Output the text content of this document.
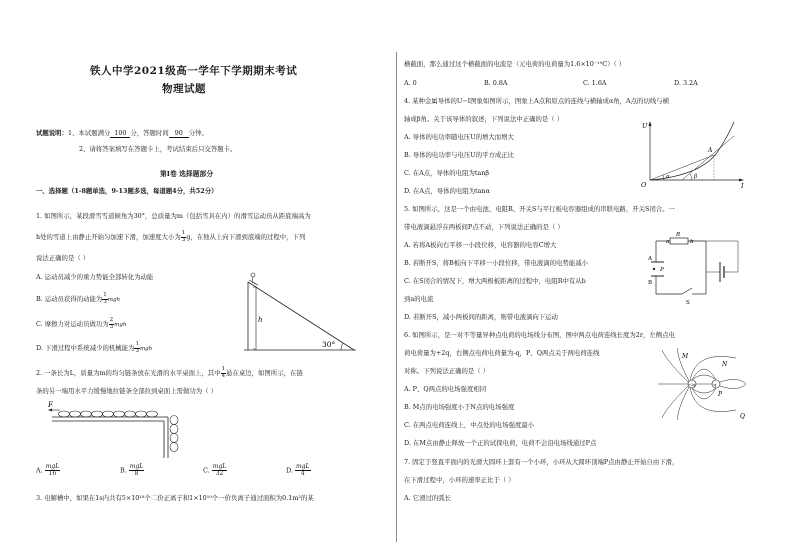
铁人中学2021级高一学年下学期期末考试
物理试题
试题说明：1、本试题满分 100 分，答题时间 90 分钟。
2、请将答案填写在答题卡上，考试结束后只交答题卡。
第Ⅰ卷 选择题部分
一、选择题（1-8题单选，9-13题多选，每道题4分，共52分）
1. 如图所示，某段滑雪雪道倾角为30°，总质量为m（包括雪具在内）的滑雪运动员从距底端高为
h处的雪道上由静止开始匀加速下滑，加速度大小为 $\frac{1}{3}$ g，在他从上向下滑到底端的过程中，下列
说法正确的是（ ）
A. 运动员减少的重力势能全部转化为动能
B. 运动员获得的动能为 $\frac{1}{3}$ mgh
C. 摩擦力对运动员做功为 $\frac{2}{3}$ mgh
D. 下滑过程中系统减少的机械能为 $\frac{1}{3}$ mgh
h
30°
2. 一条长为L，质量为m的均匀链条放在光滑的水平桌面上，其中 $\frac{1}{4}$ 悬在桌边，如图所示，在链
条的另一端用水平力缓慢地拉链条全部拉到桌面上需做功为（ ）
F
A. $\frac{\text{mgL}}{16}$	B. $\frac{\text{mgL}}{8}$	C. $\frac{\text{mgL}}{32}$	D. $\frac{\text{mgL}}{4}$
3. 电解槽中，如果在1s内共有5×10¹⁸个二价正离子和1×10¹⁹个一价负离子通过面积为0.1m²的某
横截面，那么通过这个横截面的电流是（元电荷的电荷量为1.6×10⁻¹⁹C）（ ）
A. 0	B. 0.8A	C. 1.6A	D. 3.2A
4. 某种金属导体的U−I图象如图所示，图象上A点和原点的连线与横轴成α角，A点的切线与横
轴成β角。关于该导体的叙述，下列说法中正确的是（ ）
A. 导体的电功率随电压U的增大而增大
B. 导体的电功率与电压U的平方成正比
C. 在A点，导体的电阻为tanβ
D. 在A点，导体的电阻为tanα
U
I
O
A
α	β
5. 如图所示，这是一个由电池、电阻R、开关S与平行板电容器组成的串联电路，开关S闭合。一
带电液滴悬浮在两板间P点不动，下列说法正确的是（ ）
A. 若将A板向右平移一小段位移，电容器的电容C增大
B. 若断开S，将B板向下平移一小段位移，带电液滴的电势能减小
C. 在S闭合的情况下，增大两极板距离的过程中，电阻R中有从b
到a的电流
D. 若断开S，减小两板间的距离，则带电液滴向下运动
a
R
b
A
B
P
S
6. 如图所示，是一对不等量异种点电荷的电场线分布图，图中两点电荷连线长度为2r，左侧点电
荷电荷量为+2q，右侧点电荷电荷量为-q，P、Q两点关于两电荷连线
对称。下列说法正确的是（ ）
A. P、Q两点的电场强度相同
B. M点的电场强度小于N点的电场强度
C. 在两点电荷连线上，中点处的电场强度最小
D. 在M点由静止释放一个正的试探电荷，电荷不会沿电场线通过P点
+2q	-q
M
N
P
Q
7. 固定于竖直平面内的光滑大圆环上套有一个小环，小环从大圆环顶端P点由静止开始自由下滑，
在下滑过程中，小环的速率正比于（ ）
A. 它滑过的弧长
